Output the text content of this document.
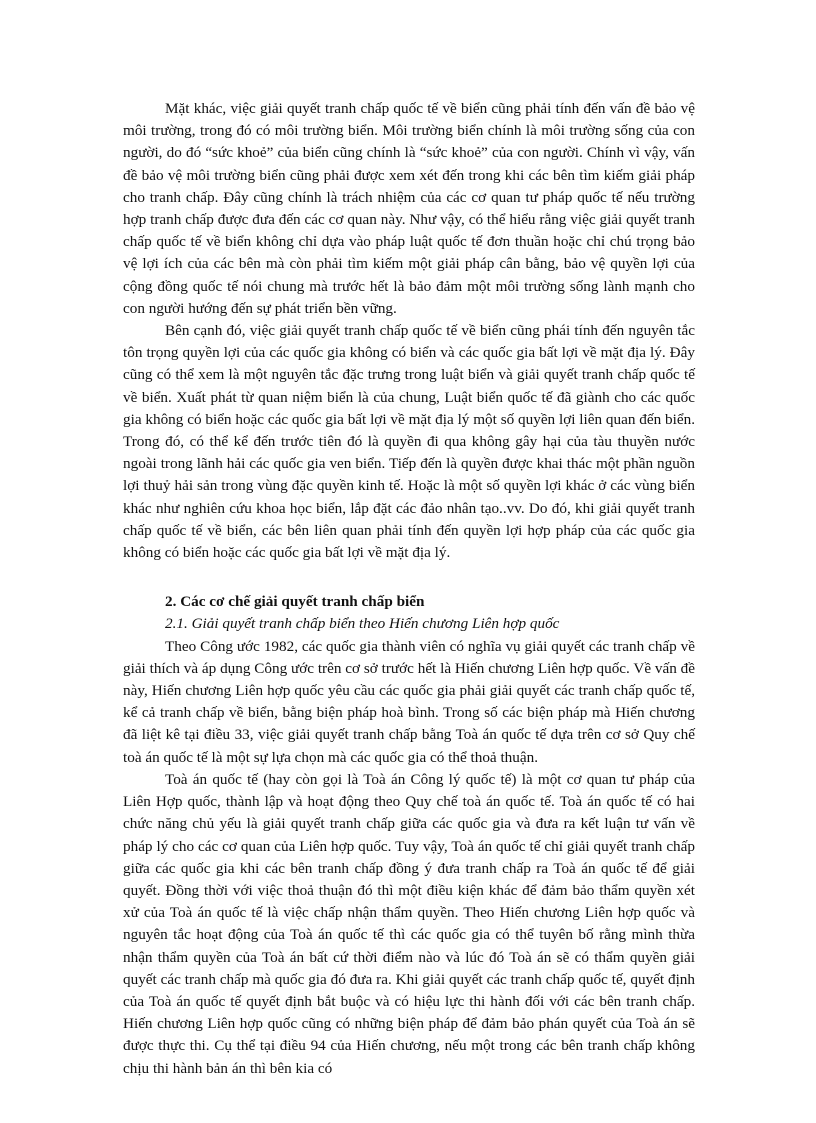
Mặt khác, việc giải quyết tranh chấp quốc tế về biển cũng phải tính đến vấn đề bảo vệ môi trường, trong đó có môi trường biển. Môi trường biển chính là môi trường sống của con người, do đó “sức khoẻ” của biển cũng chính là “sức khoẻ” của con người. Chính vì vậy, vấn đề bảo vệ môi trường biển cũng phải được xem xét đến trong khi các bên tìm kiếm giải pháp cho tranh chấp. Đây cũng chính là trách nhiệm của các cơ quan tư pháp quốc tế nếu trường hợp tranh chấp được đưa đến các cơ quan này. Như vậy, có thể hiểu rằng việc giải quyết tranh chấp quốc tế về biển không chỉ dựa vào pháp luật quốc tế đơn thuần hoặc chỉ chú trọng bảo vệ lợi ích của các bên mà còn phải tìm kiếm một giải pháp cân bằng, bảo vệ quyền lợi của cộng đồng quốc tế nói chung mà trước hết là bảo đảm một môi trường sống lành mạnh cho con người hướng đến sự phát triển bền vững.

Bên cạnh đó, việc giải quyết tranh chấp quốc tế về biển cũng phái tính đến nguyên tắc tôn trọng quyền lợi của các quốc gia không có biển và các quốc gia bất lợi về mặt địa lý. Đây cũng có thể xem là một nguyên tắc đặc trưng trong luật biển và giải quyết tranh chấp quốc tế về biển. Xuất phát từ quan niệm biển là của chung, Luật biển quốc tế đã giành cho các quốc gia không có biển hoặc các quốc gia bất lợi về mặt địa lý một số quyền lợi liên quan đến biển. Trong đó, có thể kể đến trước tiên đó là quyền đi qua không gây hại của tàu thuyền nước ngoài trong lãnh hải các quốc gia ven biển. Tiếp đến là quyền được khai thác một phần nguồn lợi thuỷ hải sản trong vùng đặc quyền kinh tế. Hoặc là một số quyền lợi khác ở các vùng biển khác như nghiên cứu khoa học biển, lắp đặt các đảo nhân tạo..vv. Do đó, khi giải quyết tranh chấp quốc tế về biển, các bên liên quan phải tính đến quyền lợi hợp pháp của các quốc gia không có biển hoặc các quốc gia bất lợi về mặt địa lý.

2. Các cơ chế giải quyết tranh chấp biển
2.1. Giải quyết tranh chấp biển theo Hiến chương Liên hợp quốc

Theo Công ước 1982, các quốc gia thành viên có nghĩa vụ giải quyết các tranh chấp về giải thích và áp dụng Công ước trên cơ sở trước hết là Hiến chương Liên hợp quốc. Về vấn đề này, Hiến chương Liên hợp quốc yêu cầu các quốc gia phải giải quyết các tranh chấp quốc tế, kể cả tranh chấp về biển, bằng biện pháp hoà bình. Trong số các biện pháp mà Hiến chương đã liệt kê tại điều 33, việc giải quyết tranh chấp bằng Toà án quốc tế dựa trên cơ sở Quy chế toà án quốc tế là một sự lựa chọn mà các quốc gia có thể thoả thuận.

Toà án quốc tế (hay còn gọi là Toà án Công lý quốc tế) là một cơ quan tư pháp của Liên Hợp quốc, thành lập và hoạt động theo Quy chế toà án quốc tế. Toà án quốc tế có hai chức năng chủ yếu là giải quyết tranh chấp giữa các quốc gia và đưa ra kết luận tư vấn về pháp lý cho các cơ quan của Liên hợp quốc. Tuy vậy, Toà án quốc tế chỉ giải quyết tranh chấp giữa các quốc gia khi các bên tranh chấp đồng ý đưa tranh chấp ra Toà án quốc tế để giải quyết. Đồng thời với việc thoả thuận đó thì một điều kiện khác để đảm bảo thẩm quyền xét xử của Toà án quốc tế là việc chấp nhận thẩm quyền. Theo Hiến chương Liên hợp quốc và nguyên tắc hoạt động của Toà án quốc tế thì các quốc gia có thể tuyên bố rằng mình thừa nhận thẩm quyền của Toà án bất cứ thời điểm nào và lúc đó Toà án sẽ có thẩm quyền giải quyết các tranh chấp mà quốc gia đó đưa ra. Khi giải quyết các tranh chấp quốc tế, quyết định của Toà án quốc tế quyết định bắt buộc và có hiệu lực thi hành đối với các bên tranh chấp. Hiến chương Liên hợp quốc cũng có những biện pháp để đảm bảo phán quyết của Toà án sẽ được thực thi. Cụ thể tại điều 94 của Hiến chương, nếu một trong các bên tranh chấp không chịu thi hành bản án thì bên kia có
